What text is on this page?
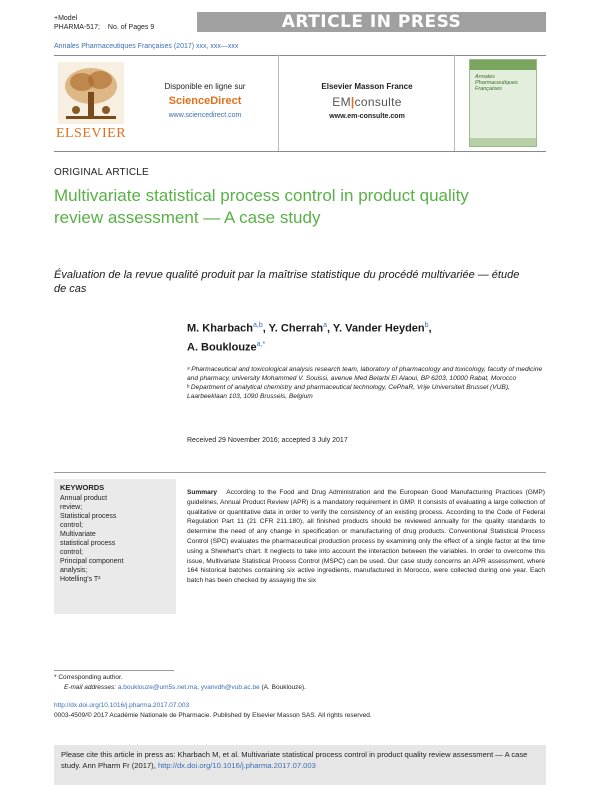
+Model
PHARMA-517; No. of Pages 9	ARTICLE IN PRESS
Annales Pharmaceutiques Françaises (2017) xxx, xxx—xxx
ELSEVIER
Disponible en ligne sur
ScienceDirect
www.sciencedirect.com
Elsevier Masson France
EM|consulte
www.em-consulte.com
Annales Pharmaceutiques Françaises
ORIGINAL ARTICLE
Multivariate statistical process control in product quality review assessment — A case study
Évaluation de la revue qualité produit par la maîtrise statistique du procédé multivariée — étude de cas
M. Kharbach$^{a,b}$, Y. Cherrah$^a$, Y. Vander Heyden$^b$,
A. Bouklouze$^{a,*}$

ᵃ Pharmaceutical and toxicological analysis research team, laboratory of pharmacology and toxicology, faculty of medicine and pharmacy, university Mohammed V. Souissi, avenue Med Belarbi El Alaoui, BP 6203, 10000 Rabat, Morocco

ᵇ Department of analytical chemistry and pharmaceutical technology, CePhaR, Vrije Universiteit Brussel (VUB), Laarbeeklaan 103, 1090 Brussels, Belgium

Received 29 November 2016; accepted 3 July 2017
KEYWORDS
Annual product
review;
Statistical process
control;
Multivariate
statistical process
control;
Principal component
analysis;
Hotelling's T²
Summary According to the Food and Drug Administration and the European Good Manufacturing Practices (GMP) guidelines, Annual Product Review (APR) is a mandatory requirement in GMP. It consists of evaluating a large collection of qualitative or quantitative data in order to verify the consistency of an existing process. According to the Code of Federal Regulation Part 11 (21 CFR 211.180), all finished products should be reviewed annually for the quality standards to determine the need of any change in specification or manufacturing of drug products. Conventional Statistical Process Control (SPC) evaluates the pharmaceutical production process by examining only the effect of a single factor at the time using a Shewhart's chart. It neglects to take into account the interaction between the variables. In order to overcome this issue, Multivariate Statistical Process Control (MSPC) can be used. Our case study concerns an APR assessment, where 164 historical batches containing six active ingredients, manufactured in Morocco, were collected during one year. Each batch has been checked by assaying the six
* Corresponding author.
E-mail addresses: a.bouklouze@um5s.net.ma, yvanvdh@vub.ac.be (A. Bouklouze).
http://dx.doi.org/10.1016/j.pharma.2017.07.003
0003-4509/© 2017 Académie Nationale de Pharmacie. Published by Elsevier Masson SAS. All rights reserved.
Please cite this article in press as: Kharbach M, et al. Multivariate statistical process control in product quality review assessment — A case study. Ann Pharm Fr (2017), http://dx.doi.org/10.1016/j.pharma.2017.07.003
